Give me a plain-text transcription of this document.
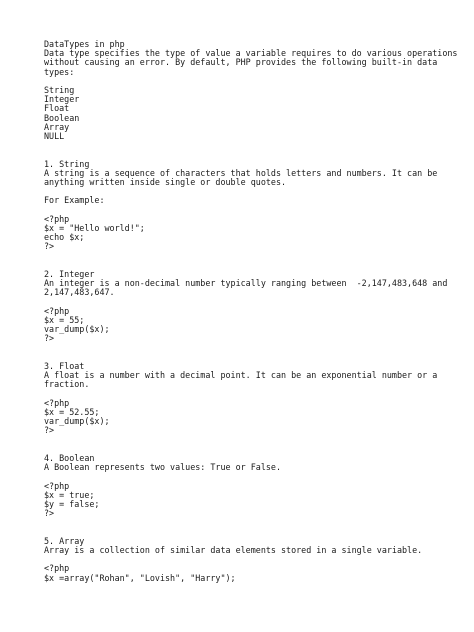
DataTypes in php
Data type specifies the type of value a variable requires to do various operations
without causing an error. By default, PHP provides the following built-in data
types:
String
Integer
Float
Boolean
Array
NULL
1. String
A string is a sequence of characters that holds letters and numbers. It can be
anything written inside single or double quotes.
For Example:
<?php
$x = "Hello world!";
echo $x;
?>
2. Integer
An integer is a non-decimal number typically ranging between  -2,147,483,648 and
2,147,483,647.
<?php
$x = 55;
var_dump($x);
?>
3. Float
A float is a number with a decimal point. It can be an exponential number or a
fraction.
<?php
$x = 52.55;
var_dump($x);
?>
4. Boolean
A Boolean represents two values: True or False.
<?php
$x = true;
$y = false;
?>
5. Array
Array is a collection of similar data elements stored in a single variable.
<?php
$x =array("Rohan", "Lovish", "Harry");
